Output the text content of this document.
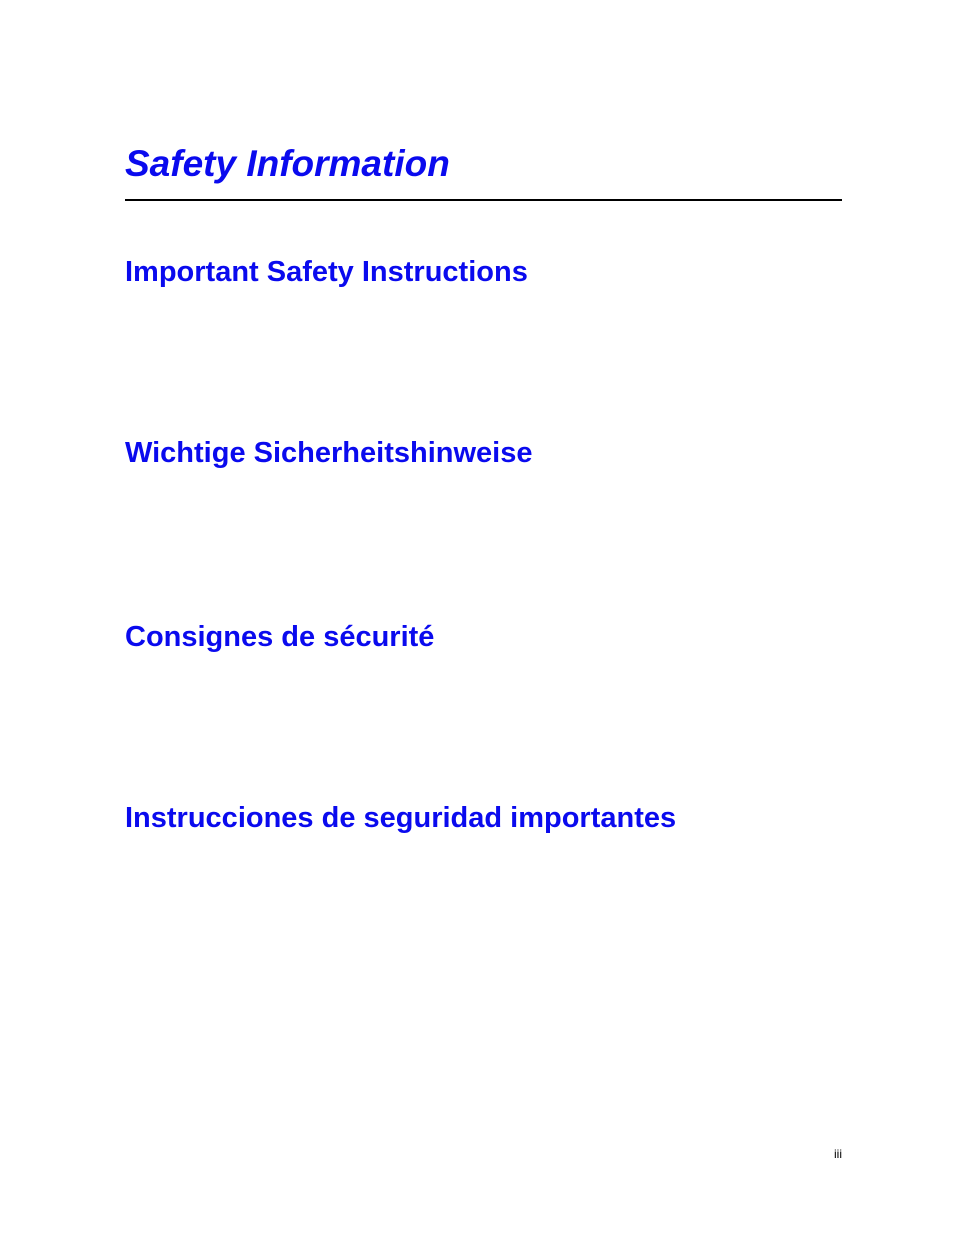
Safety Information
Important Safety Instructions
Wichtige Sicherheitshinweise
Consignes de sécurité
Instrucciones de seguridad importantes
iii
